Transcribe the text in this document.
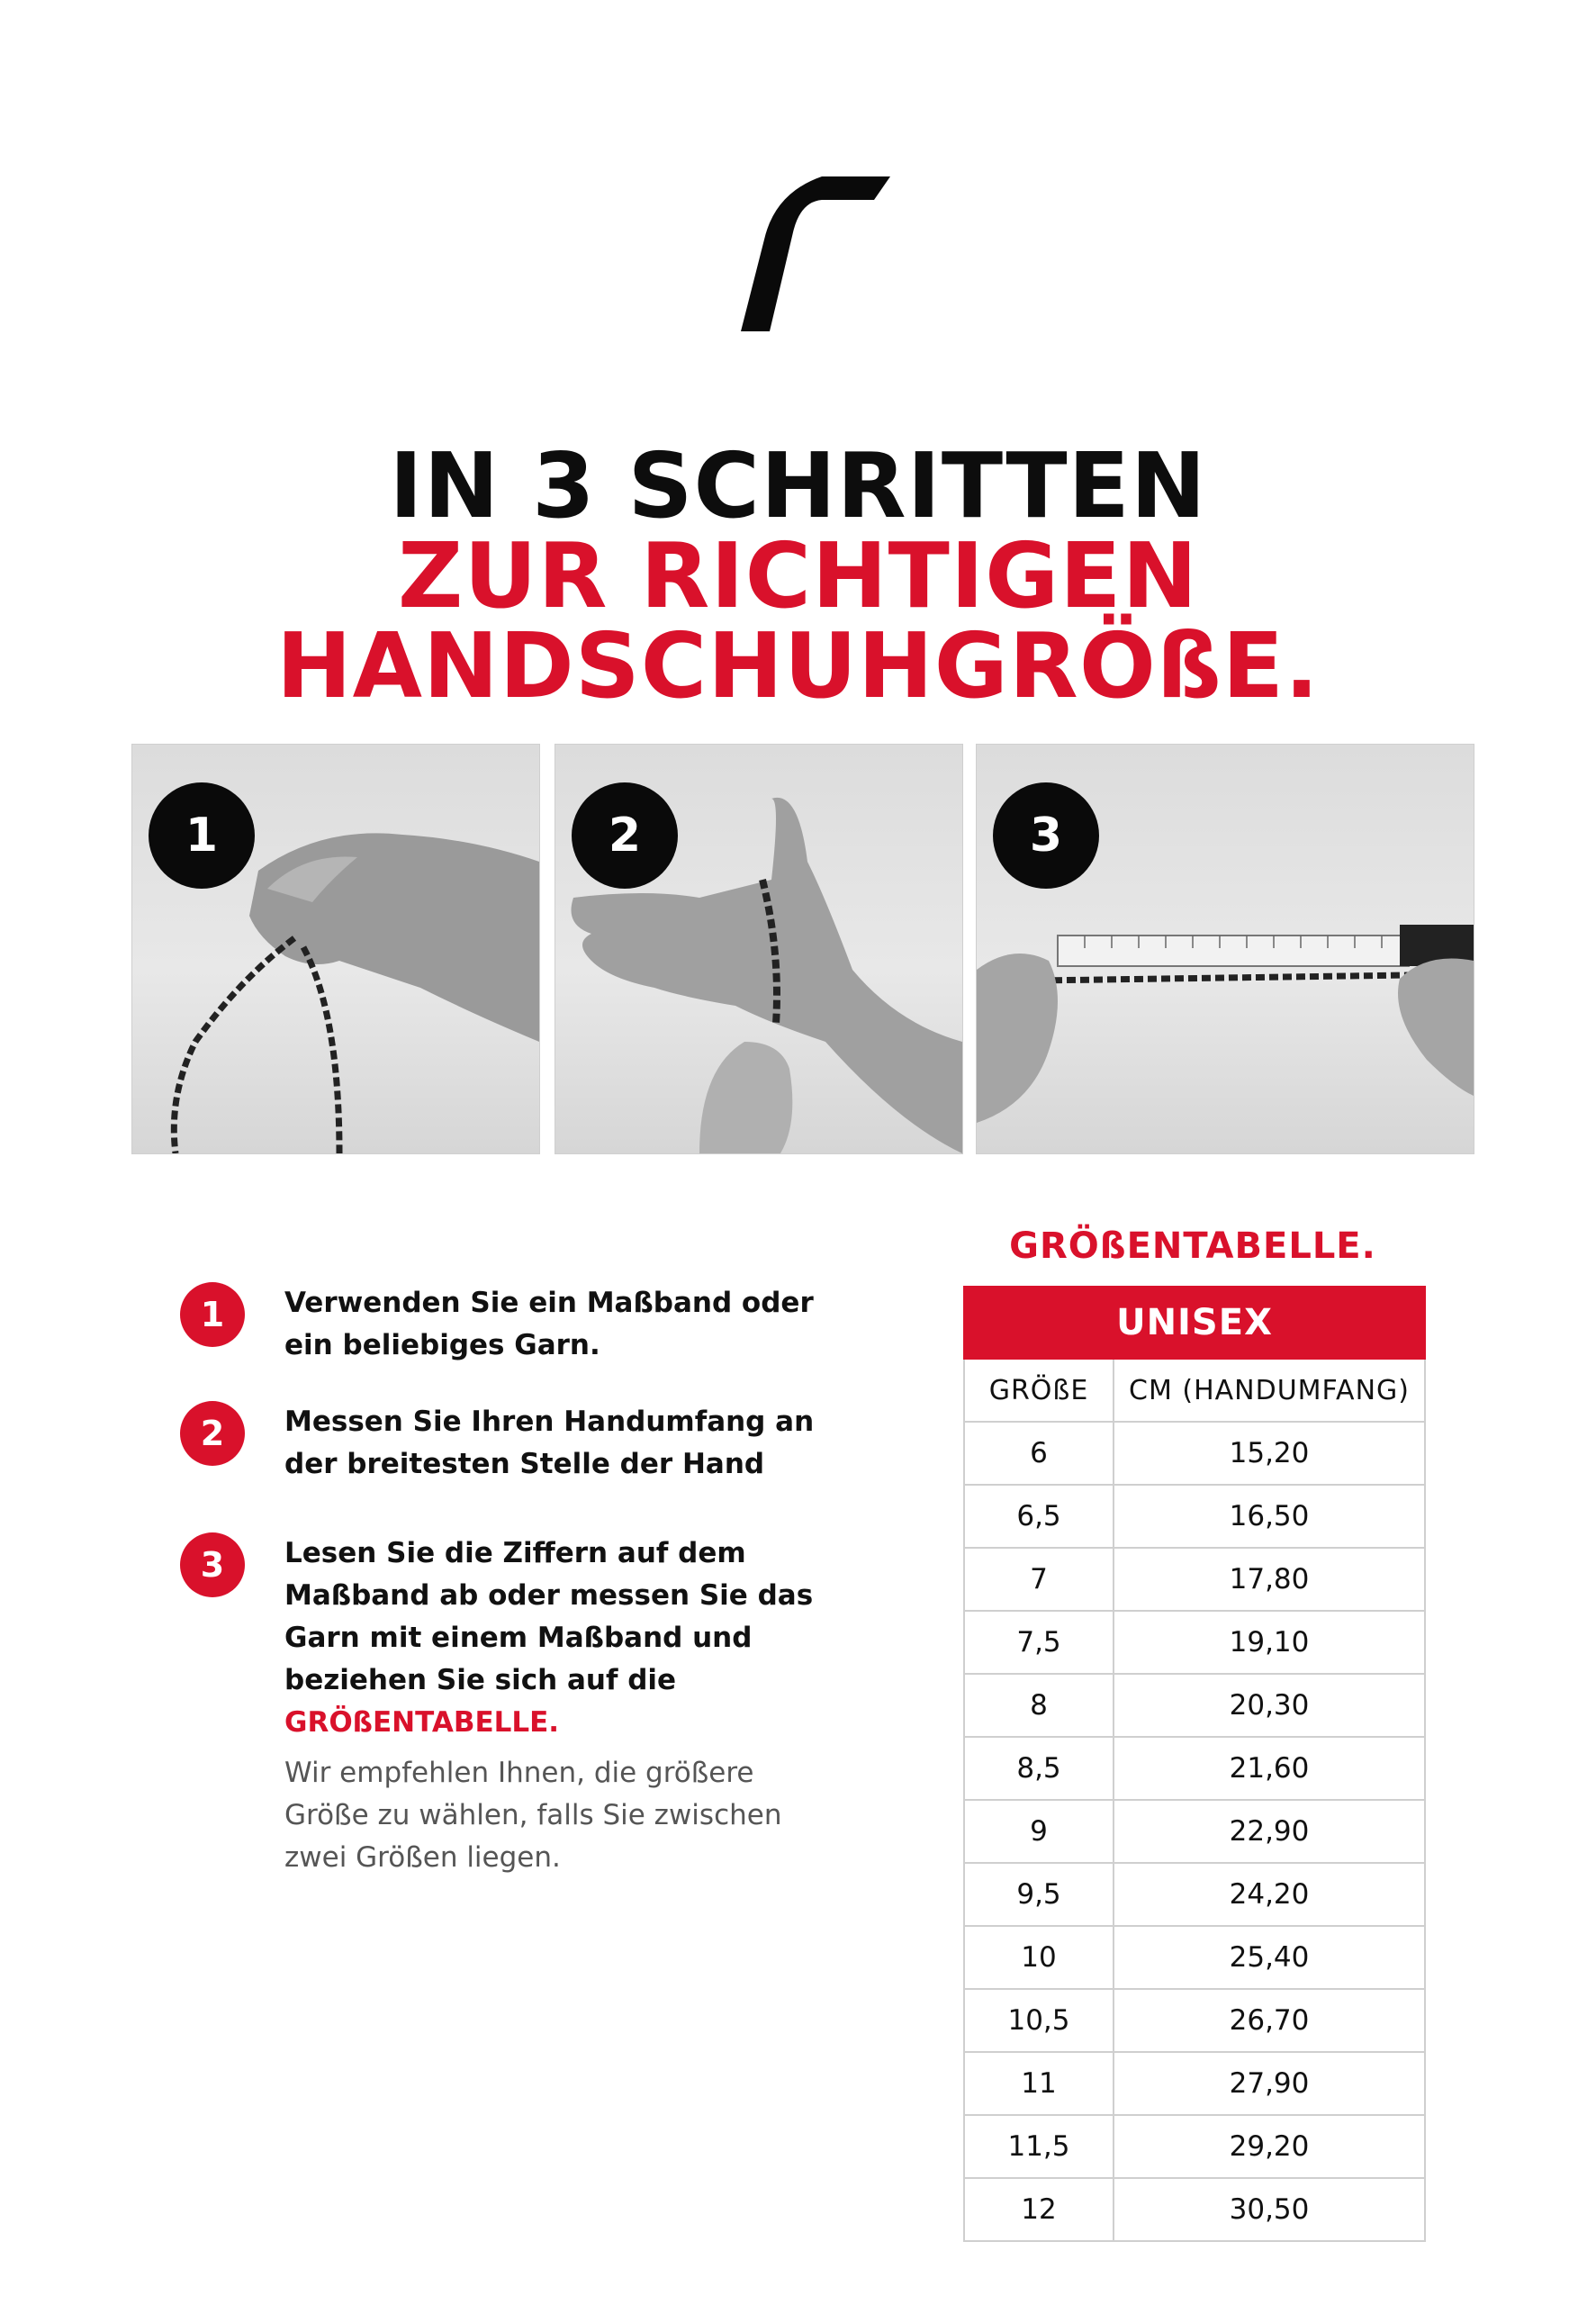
IN 3 SCHRITTEN
ZUR RICHTIGEN
HANDSCHUHGRÖßE.
1	2	3
1	Verwenden Sie ein Maßband oder ein beliebiges Garn.
2	Messen Sie Ihren Handumfang an der breitesten Stelle der Hand
3	Lesen Sie die Ziffern auf dem Maßband ab oder messen Sie das Garn mit einem Maßband und beziehen Sie sich auf die GRÖßENTABELLE.
Wir empfehlen Ihnen, die größere Größe zu wählen, falls Sie zwischen zwei Größen liegen.
GRÖßENTABELLE.
UNISEX	
GRÖßE	CM (HANDUMFANG)
6	15,20
6,5	16,50
7	17,80
7,5	19,10
8	20,30
8,5	21,60
9	22,90
9,5	24,20
10	25,40
10,5	26,70
11	27,90
11,5	29,20
12	30,50
